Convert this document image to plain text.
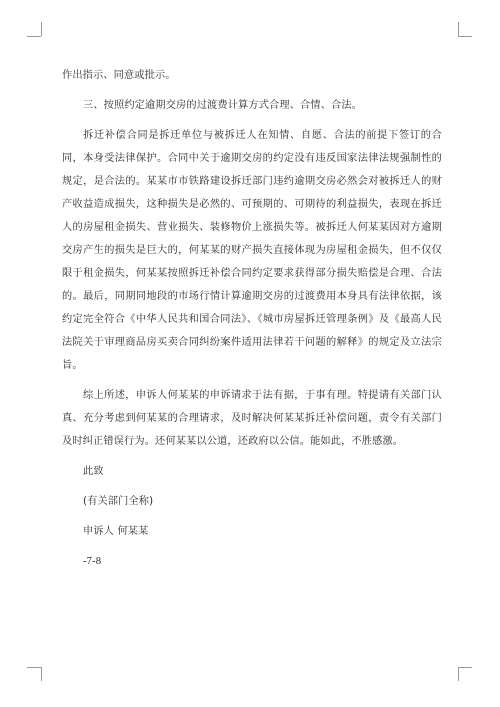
作出指示、同意或批示。
三、按照约定逾期交房的过渡费计算方式合理、合情、合法。

拆迁补偿合同是拆迁单位与被拆迁人在知情、自愿、合法的前提下签订的合同，本身受法律保护。合同中关于逾期交房的约定没有违反国家法律法规强制性的规定，是合法的。某某市市铁路建设拆迁部门违约逾期交房必然会对被拆迁人的财产收益造成损失，这种损失是必然的、可预期的、可期待的利益损失，表现在拆迁人的房屋租金损失、营业损失、装修物价上涨损失等。被拆迁人何某某因对方逾期交房产生的损失是巨大的，何某某的财产损失直接体现为房屋租金损失，但不仅仅限于租金损失，何某某按照拆迁补偿合同约定要求获得部分损失赔偿是合理、合法的。最后，同期同地段的市场行情计算逾期交房的过渡费用本身具有法律依据，该约定完全符合《中华人民共和国合同法》、《城市房屋拆迁管理条例》及《最高人民法院关于审理商品房买卖合同纠纷案件适用法律若干问题的解释》的规定及立法宗旨。

综上所述，申诉人何某某的申诉请求于法有据，于事有理。特提请有关部门认真、充分考虑到何某某的合理请求，及时解决何某某拆迁补偿问题，责令有关部门及时纠正错误行为。还何某某以公道，还政府以公信。能如此，不胜感激。

此致
(有关部门全称)
申诉人 何某某
-7-8
